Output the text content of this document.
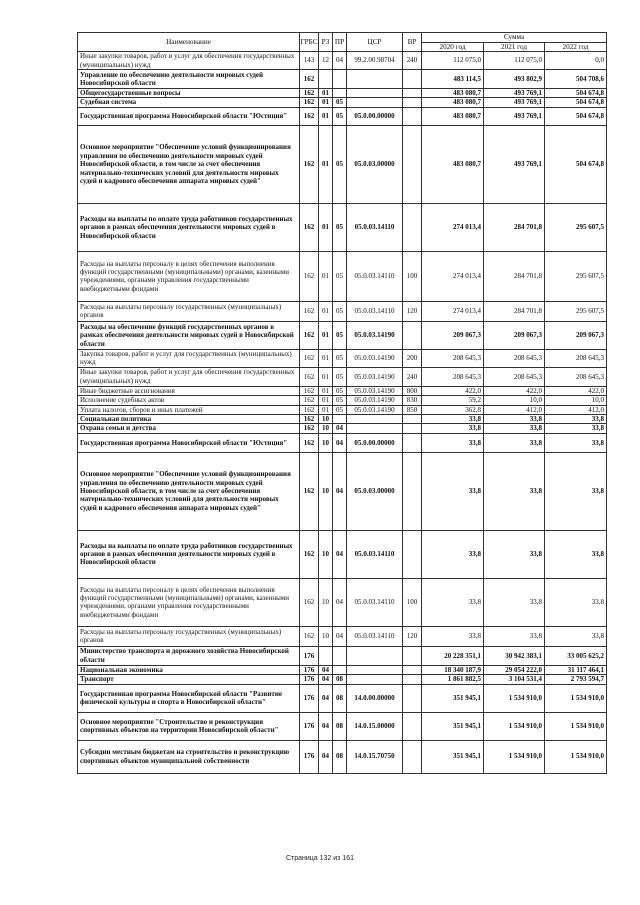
Наименование	ГРБС	РЗ	ПР	ЦСР	ВР	Сумма		
						2020 год	2021 год	2022 год
Иные закупки товаров, работ и услуг для обеспечения государственных (муниципальных) нужд	143	12	04	99.2.00.98704	240	112 075,0	112 075,0	0,0
Управление по обеспечению деятельности мировых судей Новосибирской области	162					483 114,5	493 802,9	504 708,6
Общегосударственные вопросы	162	01				483 080,7	493 769,1	504 674,8
Судебная система	162	01	05			483 080,7	493 769,1	504 674,8
Государственная программа Новосибирской области "Юстиция"	162	01	05	05.0.00.00000		483 080,7	493 769,1	504 674,8
Основное мероприятие "Обеспечение условий функционирования управления по обеспечению деятельности мировых судей Новосибирской области, в том числе за счет обеспечения материально-технических условий для деятельности мировых судей и кадрового обеспечения аппарата мировых судей"	162	01	05	05.0.03.00000		483 080,7	493 769,1	504 674,8
Расходы на выплаты по оплате труда работников государственных органов в рамках обеспечения деятельности мировых судей в Новосибирской области	162	01	05	05.0.03.14110		274 013,4	284 701,8	295 607,5
Расходы на выплаты персоналу в целях обеспечения выполнения функций государственными (муниципальными) органами, казенными учреждениями, органами управления государственными внебюджетными фондами	162	01	05	05.0.03.14110	100	274 013,4	284 701,8	295 607,5
Расходы на выплаты персоналу государственных (муниципальных) органов	162	01	05	05.0.03.14110	120	274 013,4	284 701,8	295 607,5
Расходы на обеспечение функций государственных органов в рамках обеспечения деятельности мировых судей в Новосибирской области	162	01	05	05.0.03.14190		209 067,3	209 067,3	209 067,3
Закупка товаров, работ и услуг для государственных (муниципальных) нужд	162	01	05	05.0.03.14190	200	208 645,3	208 645,3	208 645,3
Иные закупки товаров, работ и услуг для обеспечения государственных (муниципальных) нужд	162	01	05	05.0.03.14190	240	208 645,3	208 645,3	208 645,3
Иные бюджетные ассигнования	162	01	05	05.0.03.14190	800	422,0	422,0	422,0
Исполнение судебных актов	162	01	05	05.0.03.14190	830	59,2	10,0	10,0
Уплата налогов, сборов и иных платежей	162	01	05	05.0.03.14190	850	362,8	412,0	412,0
Социальная политика	162	10				33,8	33,8	33,8
Охрана семьи и детства	162	10	04			33,8	33,8	33,8
Государственная программа Новосибирской области "Юстиция"	162	10	04	05.0.00.00000		33,8	33,8	33,8
Основное мероприятие "Обеспечение условий функционирования управления по обеспечению деятельности мировых судей Новосибирской области, в том числе за счет обеспечения материально-технических условий для деятельности мировых судей и кадрового обеспечения аппарата мировых судей"	162	10	04	05.0.03.00000		33,8	33,8	33,8
Расходы на выплаты по оплате труда работников государственных органов в рамках обеспечения деятельности мировых судей в Новосибирской области	162	10	04	05.0.03.14110		33,8	33,8	33,8
Расходы на выплаты персоналу в целях обеспечения выполнения функций государственными (муниципальными) органами, казенными учреждениями, органами управления государственными внебюджетными фондами	162	10	04	05.0.03.14110	100	33,8	33,8	33,8
Расходы на выплаты персоналу государственных (муниципальных) органов	162	10	04	05.0.03.14110	120	33,8	33,8	33,8
Министерство транспорта и дорожного хозяйства Новосибирской области	176					20 228 351,1	30 942 383,1	33 005 625,2
Национальная экономика	176	04				18 340 187,9	29 054 222,0	31 117 464,1
Транспорт	176	04	08			1 861 882,5	3 104 531,4	2 793 594,7
Государственная программа Новосибирской области "Развитие физической культуры и спорта в Новосибирской области"	176	04	08	14.0.00.00000		351 945,1	1 534 910,0	1 534 910,0
Основное мероприятие "Строительство и реконструкция спортивных объектов на территории Новосибирской области"	176	04	08	14.0.15.00000		351 945,1	1 534 910,0	1 534 910,0
Субсидии местным бюджетам на строительство и реконструкцию спортивных объектов муниципальной собственности	176	04	08	14.0.15.70750		351 945,1	1 534 910,0	1 534 910,0
Страница 132 из 161
